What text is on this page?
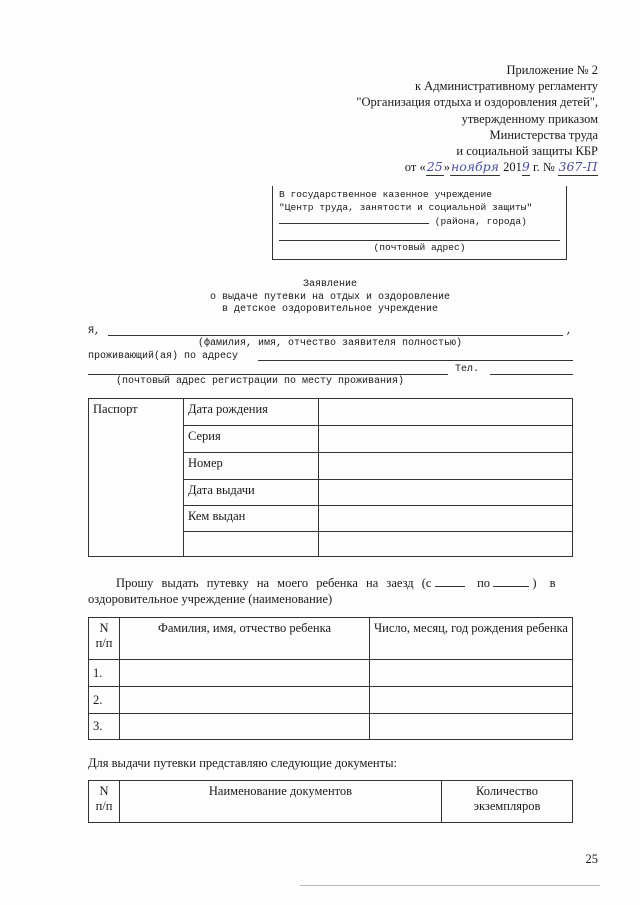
Приложение № 2
к Административному регламенту
"Организация отдыха и оздоровления детей",
утвержденному приказом
Министерства труда
и социальной защиты КБР
от «25»ноября 2019 г. № 367-П
В государственное казенное учреждение
"Центр труда, занятости и социальной защиты"
(района, города)
(почтовый адрес)
Заявление
о выдаче путевки на отдых и оздоровление
в детское оздоровительное учреждение
Я,	,
(фамилия, имя, отчество заявителя полностью)
проживающий(ая) по адресу
Тел.
(почтовый адрес регистрации по месту проживания)
Паспорт	Дата рождения	
	Серия	
	Номер	
	Дата выдачи	
	Кем выдан	

Прошу выдать путевку на моего ребенка на заезд (с	по	) в
оздоровительное учреждение (наименование)
N п/п	Фамилия, имя, отчество ребенка	Число, месяц, год рождения ребенка
1.		
2.		
3.		
Для выдачи путевки представляю следующие документы:
N п/п	Наименование документов	Количество экземпляров
25
